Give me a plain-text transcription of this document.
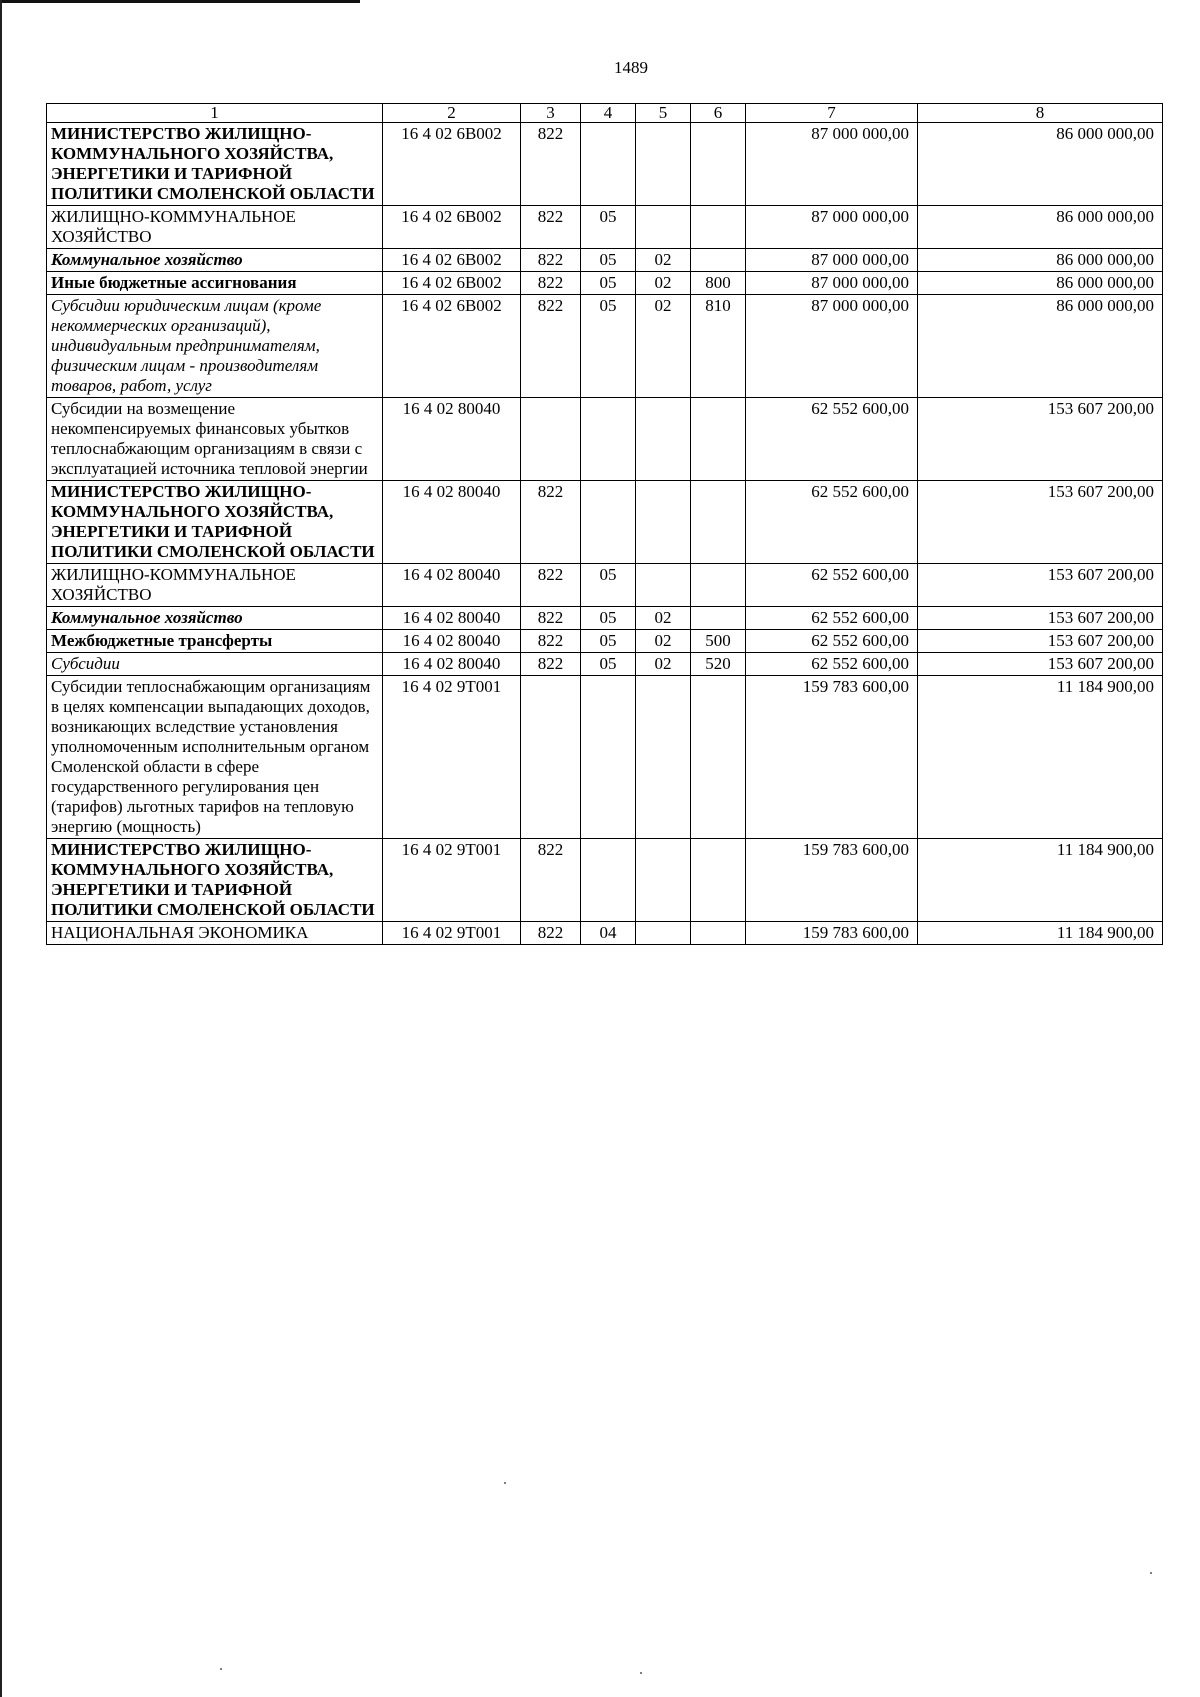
1489
1	2	3	4	5	6	7	8
МИНИСТЕРСТВО ЖИЛИЩНО-КОММУНАЛЬНОГО ХОЗЯЙСТВА, ЭНЕРГЕТИКИ И ТАРИФНОЙ ПОЛИТИКИ СМОЛЕНСКОЙ ОБЛАСТИ	16 4 02 6В002	822				87 000 000,00	86 000 000,00
ЖИЛИЩНО-КОММУНАЛЬНОЕ ХОЗЯЙСТВО	16 4 02 6В002	822	05			87 000 000,00	86 000 000,00
Коммунальное хозяйство	16 4 02 6В002	822	05	02		87 000 000,00	86 000 000,00
Иные бюджетные ассигнования	16 4 02 6В002	822	05	02	800	87 000 000,00	86 000 000,00
Субсидии юридическим лицам (кроме некоммерческих организаций), индивидуальным предпринимателям, физическим лицам - производителям товаров, работ, услуг	16 4 02 6В002	822	05	02	810	87 000 000,00	86 000 000,00
Субсидии на возмещение некомпенсируемых финансовых убытков теплоснабжающим организациям в связи с эксплуатацией источника тепловой энергии	16 4 02 80040					62 552 600,00	153 607 200,00
МИНИСТЕРСТВО ЖИЛИЩНО-КОММУНАЛЬНОГО ХОЗЯЙСТВА, ЭНЕРГЕТИКИ И ТАРИФНОЙ ПОЛИТИКИ СМОЛЕНСКОЙ ОБЛАСТИ	16 4 02 80040	822				62 552 600,00	153 607 200,00
ЖИЛИЩНО-КОММУНАЛЬНОЕ ХОЗЯЙСТВО	16 4 02 80040	822	05			62 552 600,00	153 607 200,00
Коммунальное хозяйство	16 4 02 80040	822	05	02		62 552 600,00	153 607 200,00
Межбюджетные трансферты	16 4 02 80040	822	05	02	500	62 552 600,00	153 607 200,00
Субсидии	16 4 02 80040	822	05	02	520	62 552 600,00	153 607 200,00
Субсидии теплоснабжающим организациям в целях компенсации выпадающих доходов, возникающих вследствие установления уполномоченным исполнительным органом Смоленской области в сфере государственного регулирования цен (тарифов) льготных тарифов на тепловую энергию (мощность)	16 4 02 9Т001					159 783 600,00	11 184 900,00
МИНИСТЕРСТВО ЖИЛИЩНО-КОММУНАЛЬНОГО ХОЗЯЙСТВА, ЭНЕРГЕТИКИ И ТАРИФНОЙ ПОЛИТИКИ СМОЛЕНСКОЙ ОБЛАСТИ	16 4 02 9Т001	822				159 783 600,00	11 184 900,00
НАЦИОНАЛЬНАЯ ЭКОНОМИКА	16 4 02 9Т001	822	04			159 783 600,00	11 184 900,00
